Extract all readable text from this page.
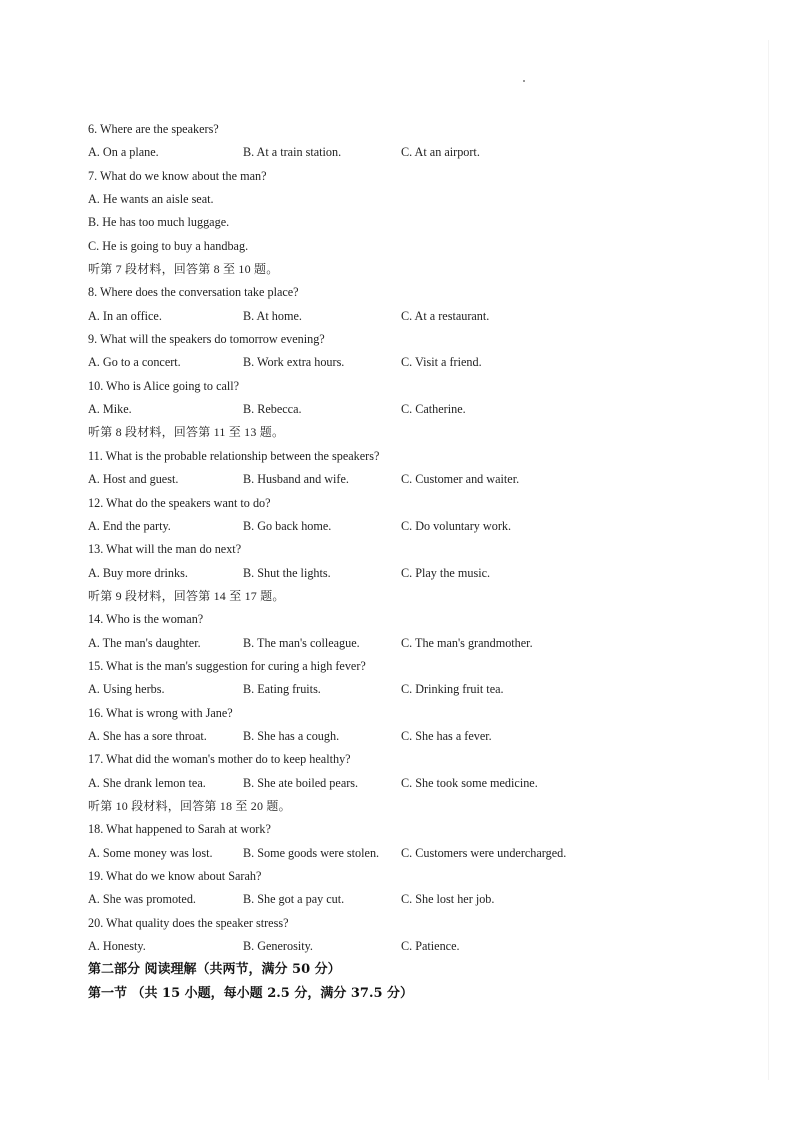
6. Where are the speakers?
A. On a plane.	B. At a train station.	C. At an airport.
7. What do we know about the man?
A. He wants an aisle seat.
B. He has too much luggage.
C. He is going to buy a handbag.
听第 7 段材料，回答第 8 至 10 题。
8. Where does the conversation take place?
A. In an office.	B. At home.	C. At a restaurant.
9. What will the speakers do tomorrow evening?
A. Go to a concert.	B. Work extra hours.	C. Visit a friend.
10. Who is Alice going to call?
A. Mike.	B. Rebecca.	C. Catherine.
听第 8 段材料，回答第 11 至 13 题。
11. What is the probable relationship between the speakers?
A. Host and guest.	B. Husband and wife.	C. Customer and waiter.
12. What do the speakers want to do?
A. End the party.	B. Go back home.	C. Do voluntary work.
13. What will the man do next?
A. Buy more drinks.	B. Shut the lights.	C. Play the music.
听第 9 段材料，回答第 14 至 17 题。
14. Who is the woman?
A. The man's daughter.	B. The man's colleague.	C. The man's grandmother.
15. What is the man's suggestion for curing a high fever?
A. Using herbs.	B. Eating fruits.	C. Drinking fruit tea.
16. What is wrong with Jane?
A. She has a sore throat.	B. She has a cough.	C. She has a fever.
17. What did the woman's mother do to keep healthy?
A. She drank lemon tea.	B. She ate boiled pears.	C. She took some medicine.
听第 10 段材料，回答第 18 至 20 题。
18. What happened to Sarah at work?
A. Some money was lost. B. Some goods were stolen. C. Customers were undercharged.
19. What do we know about Sarah?
A. She was promoted.	B. She got a pay cut.	C. She lost her job.
20. What quality does the speaker stress?
A. Honesty.	B. Generosity.	C. Patience.
第二部分 阅读理解（共两节，满分 50 分）
第一节 （共 15 小题，每小题 2.5 分，满分 37.5 分）
